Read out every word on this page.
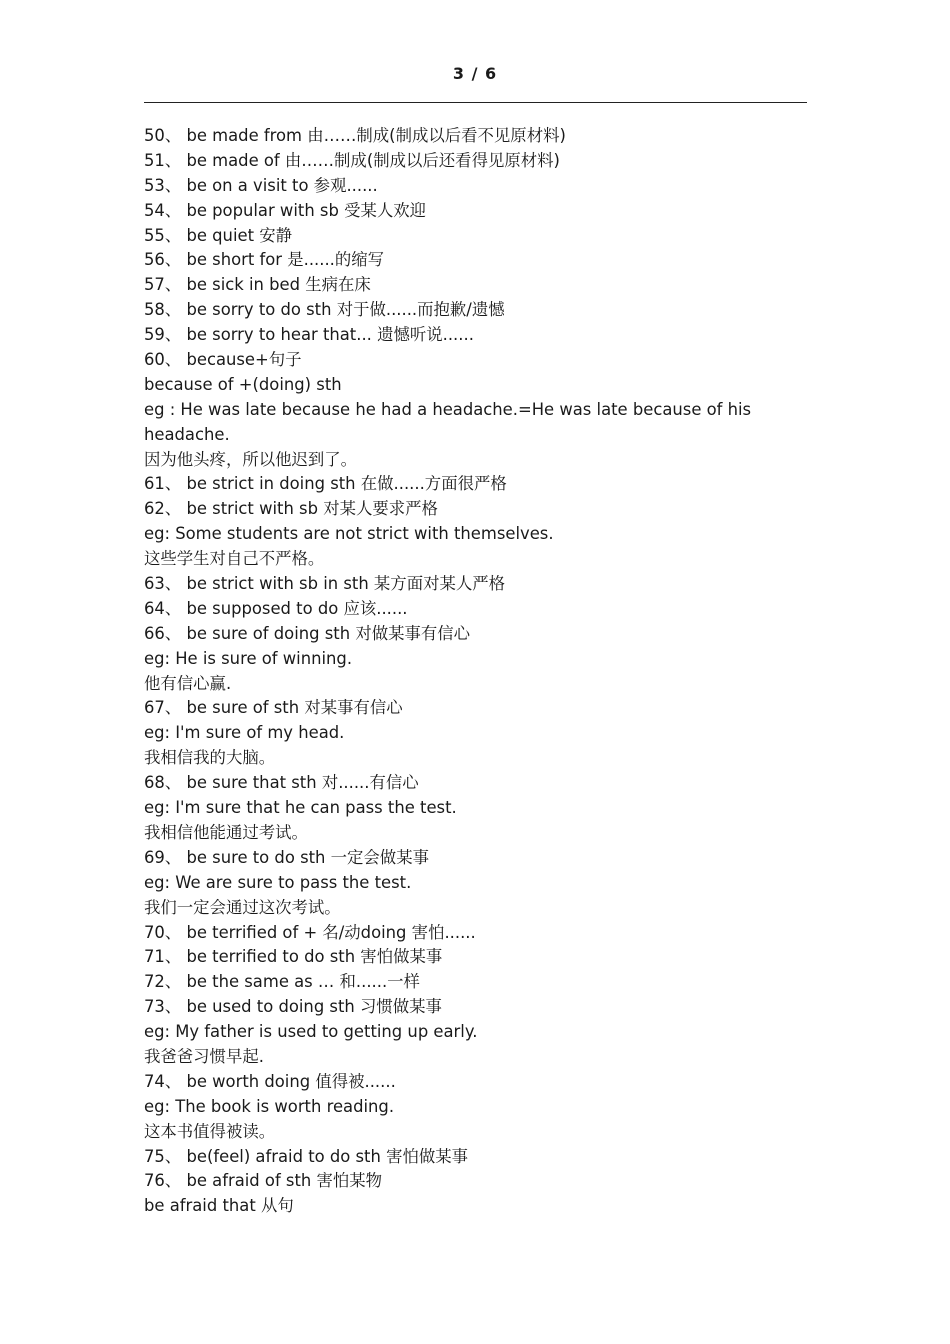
3 / 6
50、 be made from 由……制成(制成以后看不见原材料)
51、 be made of 由……制成(制成以后还看得见原材料)
53、 be on a visit to 参观......
54、 be popular with sb 受某人欢迎
55、 be quiet 安静
56、 be short for 是......的缩写
57、 be sick in bed 生病在床
58、 be sorry to do sth 对于做......而抱歉/遗憾
59、 be sorry to hear that... 遗憾听说......
60、 because+句子
because of +(doing) sth
eg : He was late because he had a headache.=He was late because of his
headache.
因为他头疼，所以他迟到了。
61、 be strict in doing sth 在做......方面很严格
62、 be strict with sb 对某人要求严格
eg: Some students are not strict with themselves.
这些学生对自己不严格。
63、 be strict with sb in sth 某方面对某人严格
64、 be supposed to do 应该......
66、 be sure of doing sth 对做某事有信心
eg: He is sure of winning.
他有信心赢.
67、 be sure of sth 对某事有信心
eg: I'm sure of my head.
我相信我的大脑。
68、 be sure that sth 对......有信心
eg: I'm sure that he can pass the test.
我相信他能通过考试。
69、 be sure to do sth 一定会做某事
eg: We are sure to pass the test.
我们一定会通过这次考试。
70、 be terrified of + 名/动doing 害怕......
71、 be terrified to do sth 害怕做某事
72、 be the same as … 和......一样
73、 be used to doing sth 习惯做某事
eg: My father is used to getting up early.
我爸爸习惯早起.
74、 be worth doing 值得被......
eg: The book is worth reading.
这本书值得被读。
75、 be(feel) afraid to do sth 害怕做某事
76、 be afraid of sth 害怕某物
be afraid that 从句
